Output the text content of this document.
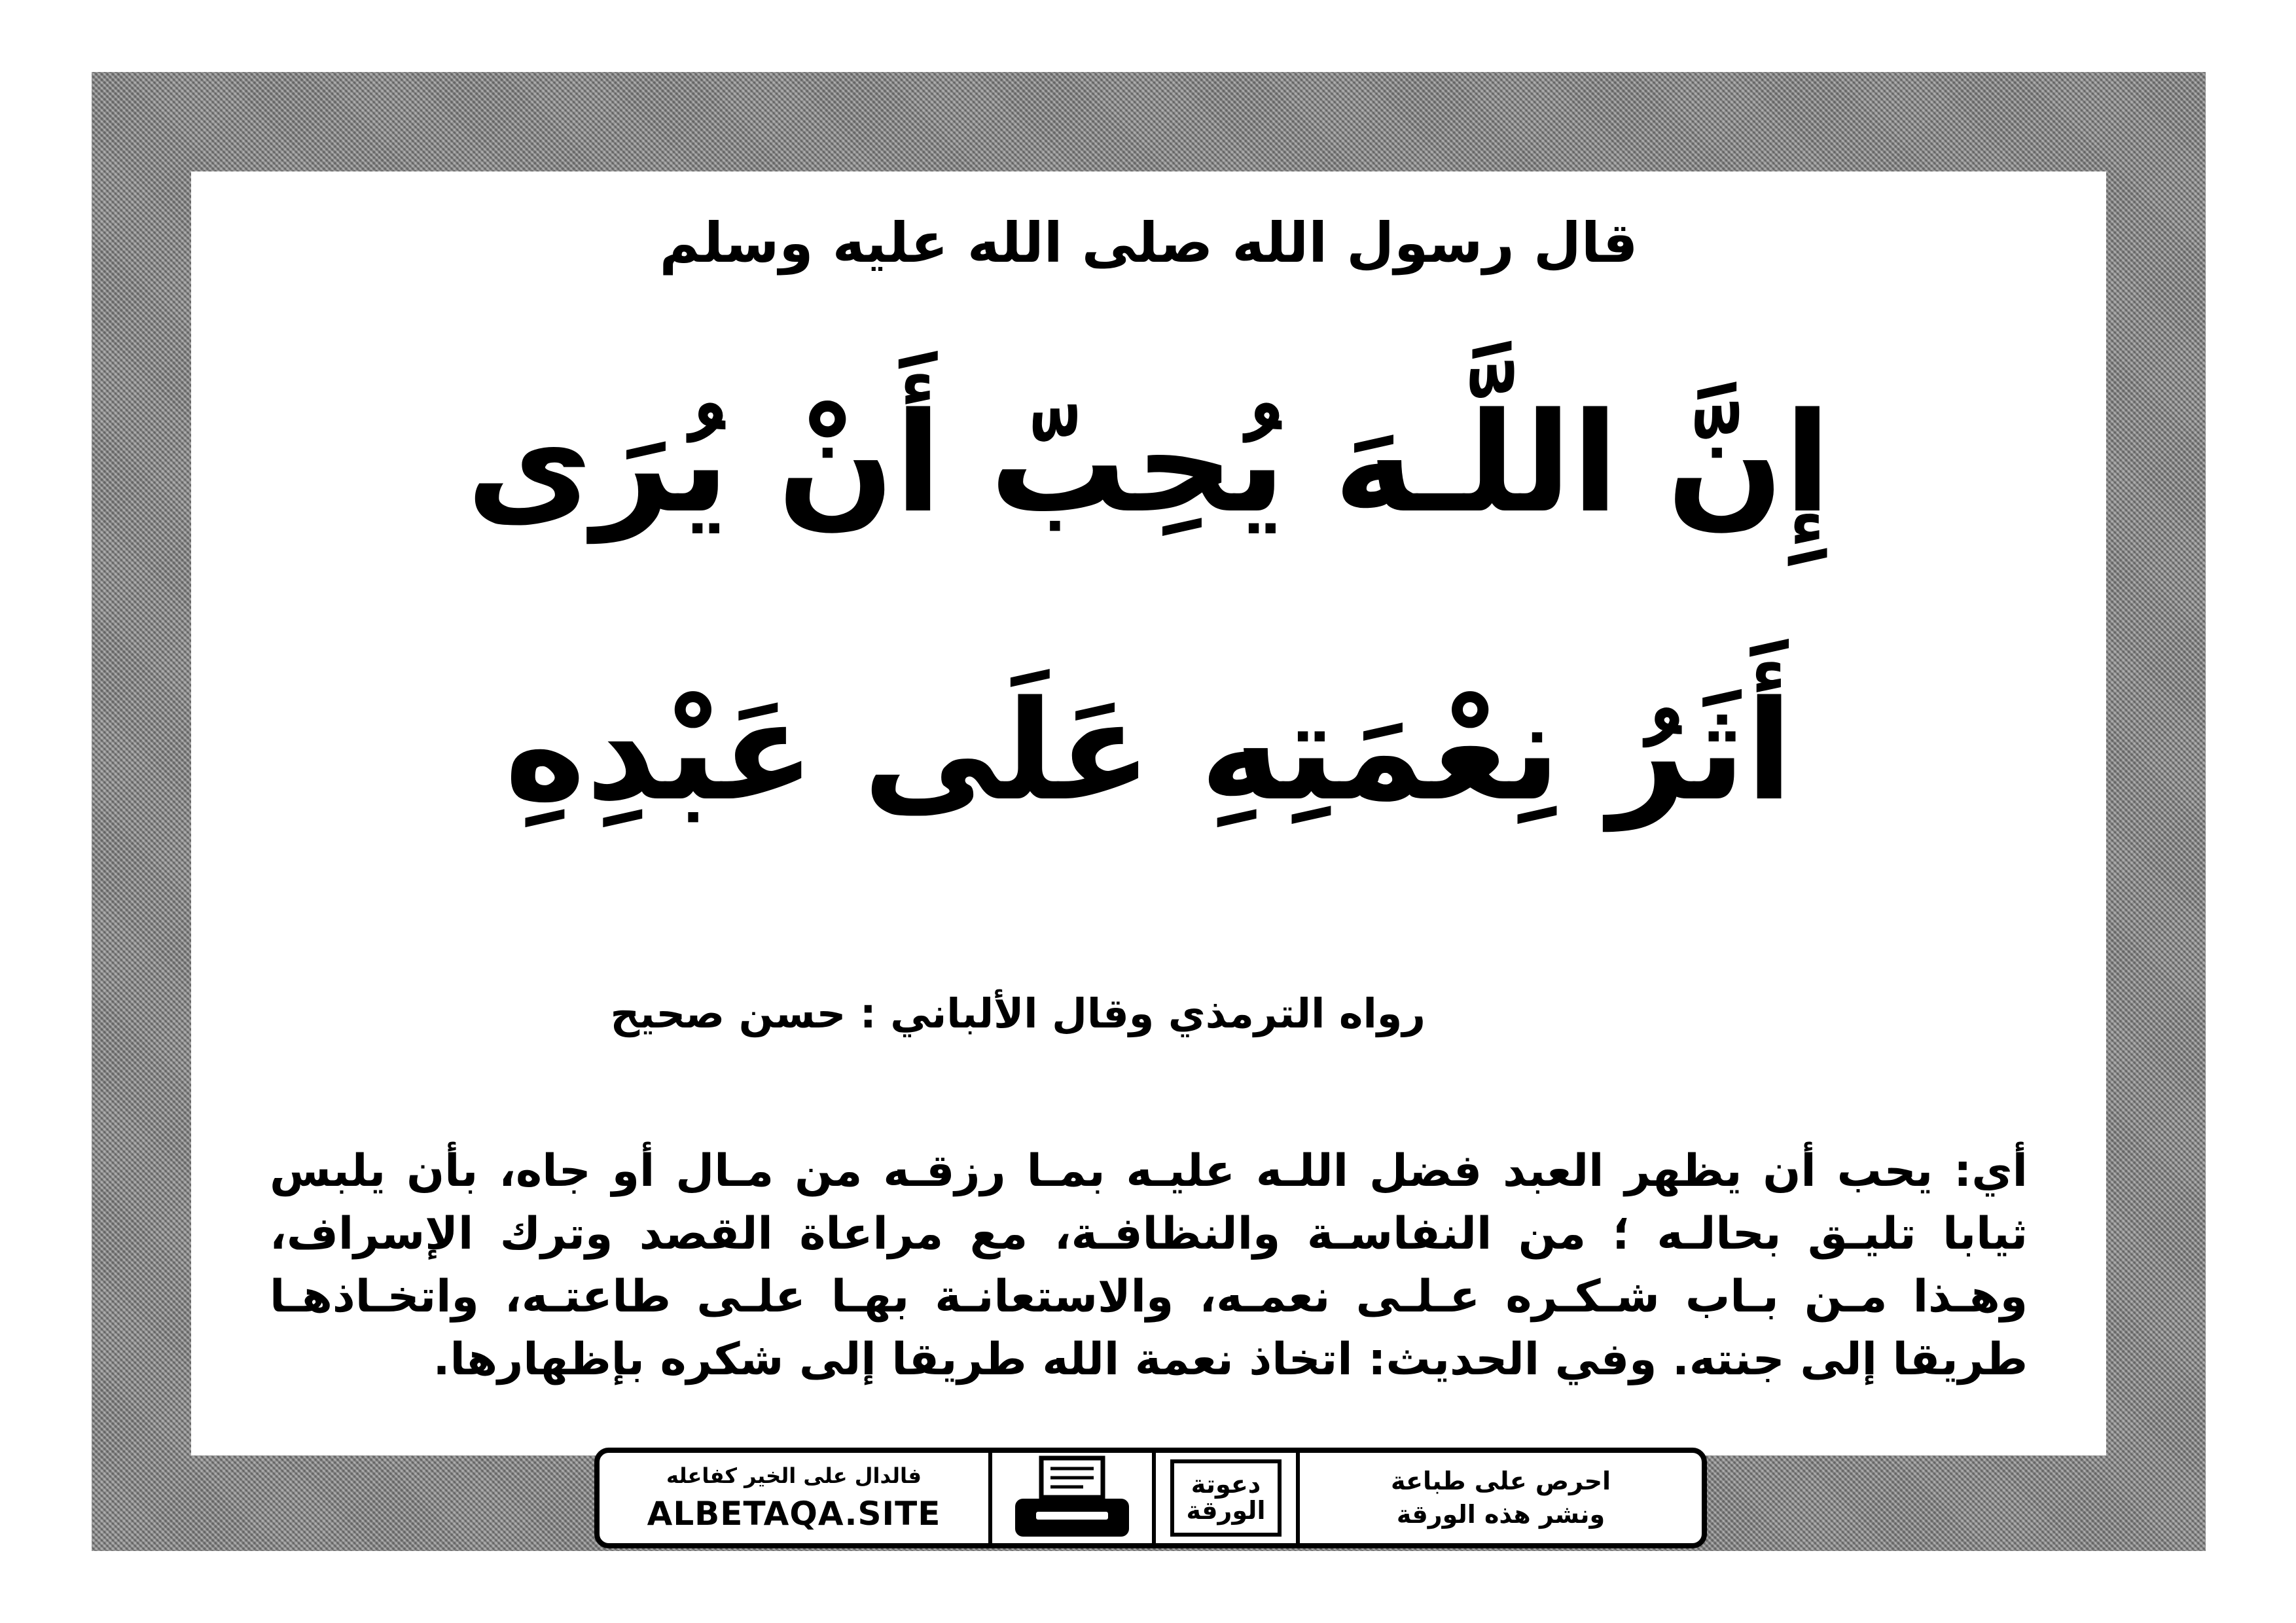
قال رسول الله صلى الله عليه وسلم
إِنَّ اللَّـهَ يُحِبّ أَنْ يُرَى
أَثَرُ نِعْمَتِهِ عَلَى عَبْدِهِ
رواه الترمذي وقال الألباني : حسن صحيح
أي: يحب أن يظهر العبد فضل اللـه عليـه بمـا رزقـه من مـال أو جاه، بأن يلبس ثيابا تليـق بحالـه ؛ من النفاسـة والنظافـة، مع مراعاة القصد وترك الإسراف، وهـذا مـن بـاب شـكـره عـلـى نعمـه، والاستعانـة بهـا علـى طاعتـه، واتخـاذهـا طريقا إلى جنته. وفي الحديث: اتخاذ نعمة الله طريقا إلى شكره بإظهارها.
فالدال على الخير كفاعله
ALBETAQA.SITE
دعوتة
الورقة
احرص على طباعة
ونشر هذه الورقة
